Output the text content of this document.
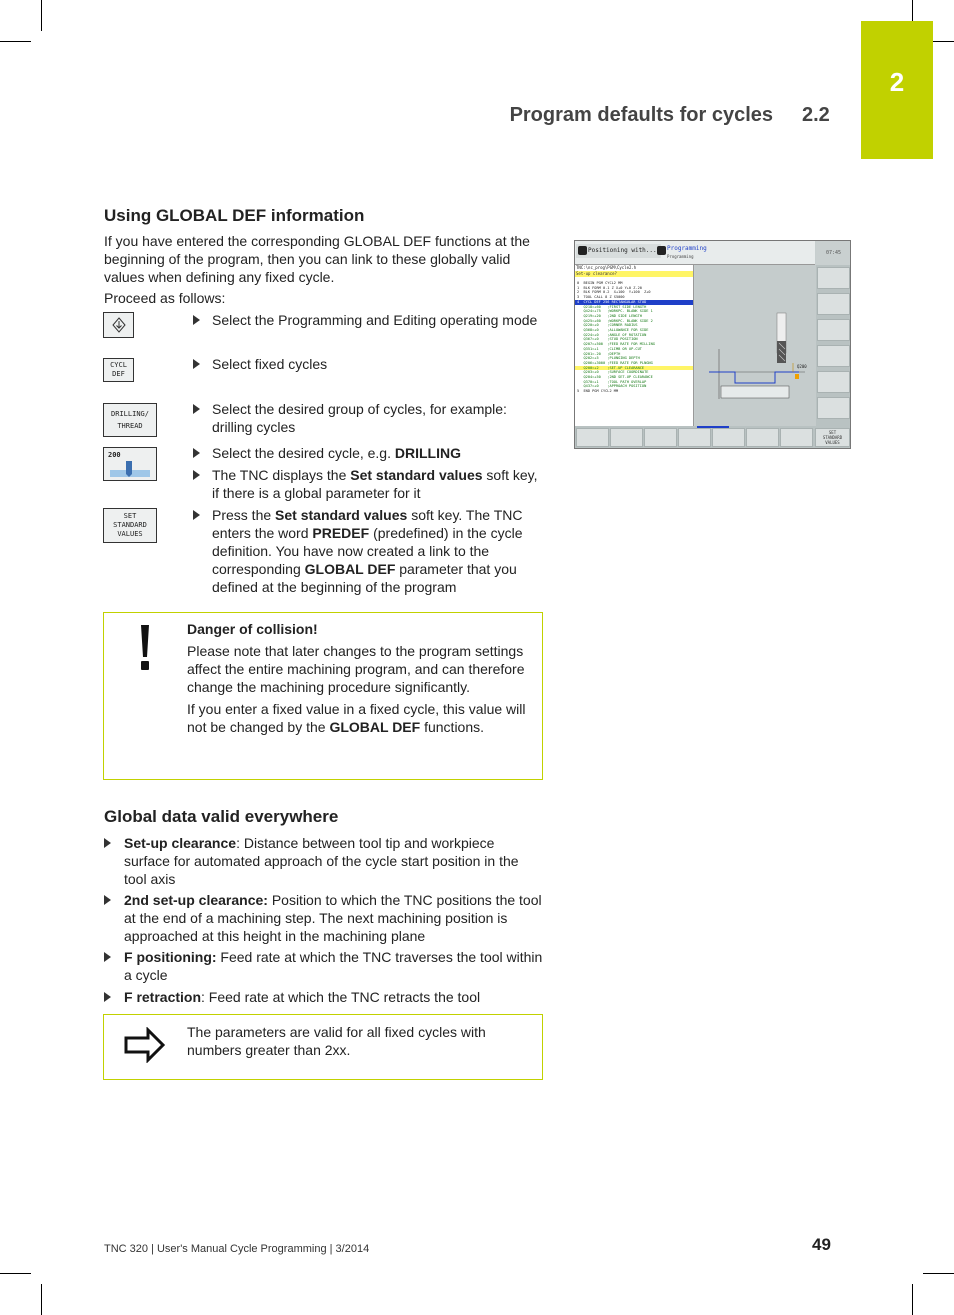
2
Program defaults for cycles 2.2
Using GLOBAL DEF information
If you have entered the corresponding GLOBAL DEF functions at the beginning of the program, then you can link to these globally valid values when defining any fixed cycle.
Proceed as follows:
Select the Programming and Editing operating mode
CYCL
DEF
Select fixed cycles
DRILLING/
THREAD
Select the desired group of cycles, for example: drilling cycles
200	Select the desired cycle, e.g. DRILLING
The TNC displays the Set standard values soft key, if there is a global parameter for it
SET
STANDARD
VALUES
Press the Set standard values soft key. The TNC enters the word PREDEF (predefined) in the cycle definition. You have now created a link to the corresponding GLOBAL DEF parameter that you defined at the beginning of the program
Danger of collision!
Please note that later changes to the program settings affect the entire machining program, and can therefore change the machining procedure significantly.
If you enter a fixed value in a fixed cycle, this value will not be changed by the GLOBAL DEF functions.
Positioning with...	Programming
Programming
07:45
TNC:\nc_prog\PGM\Cycle2.h
Set-up clearance?
0  BEGIN PGM CYCL2 MM
1  BLK FORM 0.1 Z X+0 Y+0 Z-20
2  BLK FORM 0.2  X+100  Y+100  Z+0
3  TOOL CALL 8 Z S5000
4  CYCL DEF 256 RECTANGULAR STUD
Q218=+60   ;FIRST SIDE LENGTH
Q424=+75   ;WORKPC. BLANK SIDE 1
Q219=+20   ;2ND SIDE LENGTH
Q425=+60   ;WORKPC. BLANK SIDE 2
Q220=+0    ;CORNER RADIUS
Q368=+0    ;ALLOWANCE FOR SIDE
Q224=+0    ;ANGLE OF ROTATION
Q367=+0    ;STUD POSITION
Q207=+500  ;FEED RATE FOR MILLING
Q351=+1    ;CLIMB OR UP-CUT
Q201=-20   ;DEPTH
Q202=+5    ;PLUNGING DEPTH
Q206=+3000 ;FEED RATE FOR PLNGNG
Q200=+2    ;SET-UP CLEARANCE
Q203=+0    ;SURFACE COORDINATE
Q204=+50   ;2ND SET-UP CLEARANCE
Q370=+1    ;TOOL PATH OVERLAP
Q437=+0    ;APPROACH POSITION
5  END PGM CYCL2 MM
Q200
SET
STANDARD
VALUES
Global data valid everywhere
Set-up clearance: Distance between tool tip and workpiece surface for automated approach of the cycle start position in the tool axis
2nd set-up clearance: Position to which the TNC positions the tool at the end of a machining step. The next machining position is approached at this height in the machining plane
F positioning: Feed rate at which the TNC traverses the tool within a cycle
F retraction: Feed rate at which the TNC retracts the tool
The parameters are valid for all fixed cycles with numbers greater than 2xx.
TNC 320 | User's Manual Cycle Programming | 3/2014	49
